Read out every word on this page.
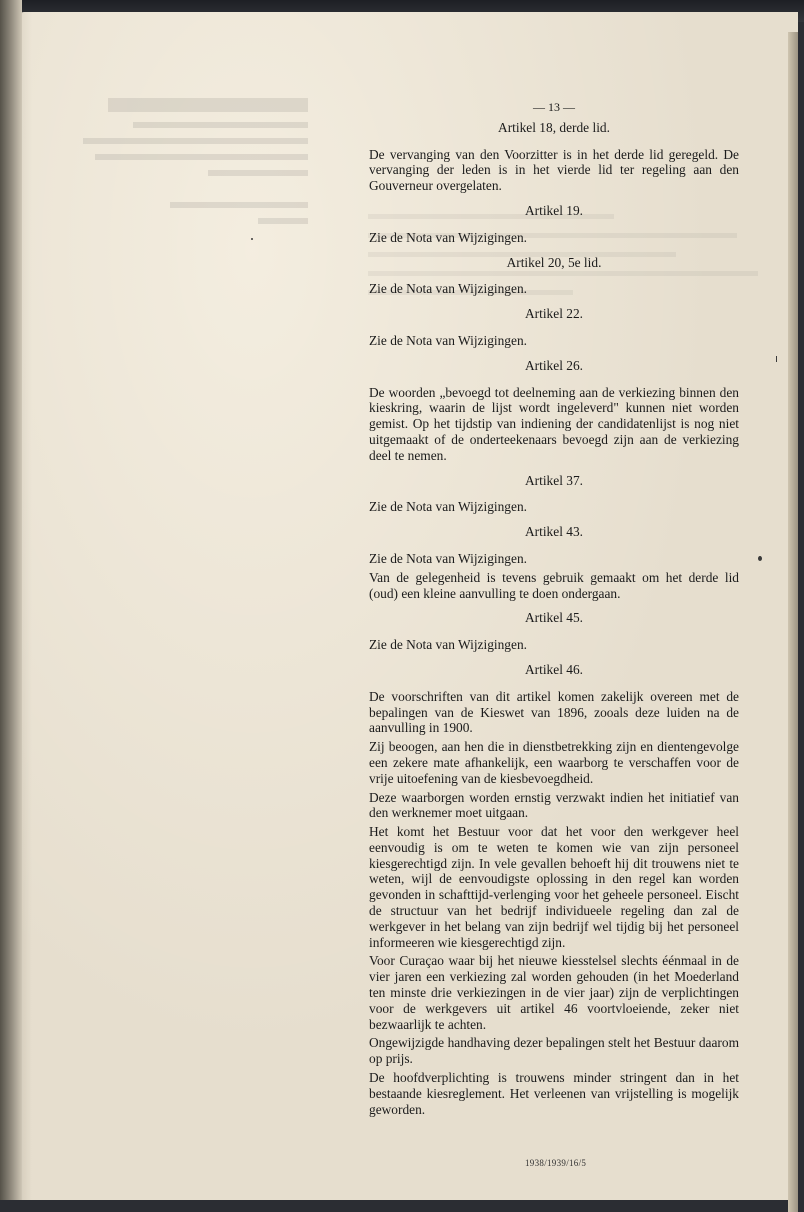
— 13 —
Artikel 18, derde lid.

De vervanging van den Voorzitter is in het derde lid geregeld. De vervanging der leden is in het vierde lid ter regeling aan den Gouverneur overgelaten.

Artikel 19.

Zie de Nota van Wijzigingen.

Artikel 20, 5e lid.

Zie de Nota van Wijzigingen.

Artikel 22.

Zie de Nota van Wijzigingen.

Artikel 26.

De woorden „bevoegd tot deelneming aan de verkiezing binnen den kieskring, waarin de lijst wordt ingeleverd" kunnen niet worden gemist. Op het tijdstip van indiening der candidatenlijst is nog niet uitgemaakt of de onderteekenaars bevoegd zijn aan de verkiezing deel te nemen.

Artikel 37.

Zie de Nota van Wijzigingen.

Artikel 43.

Zie de Nota van Wijzigingen.

Van de gelegenheid is tevens gebruik gemaakt om het derde lid (oud) een kleine aanvulling te doen ondergaan.

Artikel 45.

Zie de Nota van Wijzigingen.

Artikel 46.

De voorschriften van dit artikel komen zakelijk overeen met de bepalingen van de Kieswet van 1896, zooals deze luiden na de aanvulling in 1900.

Zij beoogen, aan hen die in dienstbetrekking zijn en dientengevolge een zekere mate afhankelijk, een waarborg te verschaffen voor de vrije uitoefening van de kiesbevoegdheid.

Deze waarborgen worden ernstig verzwakt indien het initiatief van den werknemer moet uitgaan.

Het komt het Bestuur voor dat het voor den werkgever heel eenvoudig is om te weten te komen wie van zijn personeel kiesgerechtigd zijn. In vele gevallen behoeft hij dit trouwens niet te weten, wijl de eenvoudigste oplossing in den regel kan worden gevonden in schafttijd-verlenging voor het geheele personeel. Eischt de structuur van het bedrijf individueele regeling dan zal de werkgever in het belang van zijn bedrijf wel tijdig bij het personeel informeeren wie kiesgerechtigd zijn.

Voor Curaçao waar bij het nieuwe kiesstelsel slechts éénmaal in de vier jaren een verkiezing zal worden gehouden (in het Moederland ten minste drie verkiezingen in de vier jaar) zijn de verplichtingen voor de werkgevers uit artikel 46 voortvloeiende, zeker niet bezwaarlijk te achten.

Ongewijzigde handhaving dezer bepalingen stelt het Bestuur daarom op prijs.

De hoofdverplichting is trouwens minder stringent dan in het bestaande kiesreglement. Het verleenen van vrijstelling is mogelijk geworden.

1938/1939/16/5
